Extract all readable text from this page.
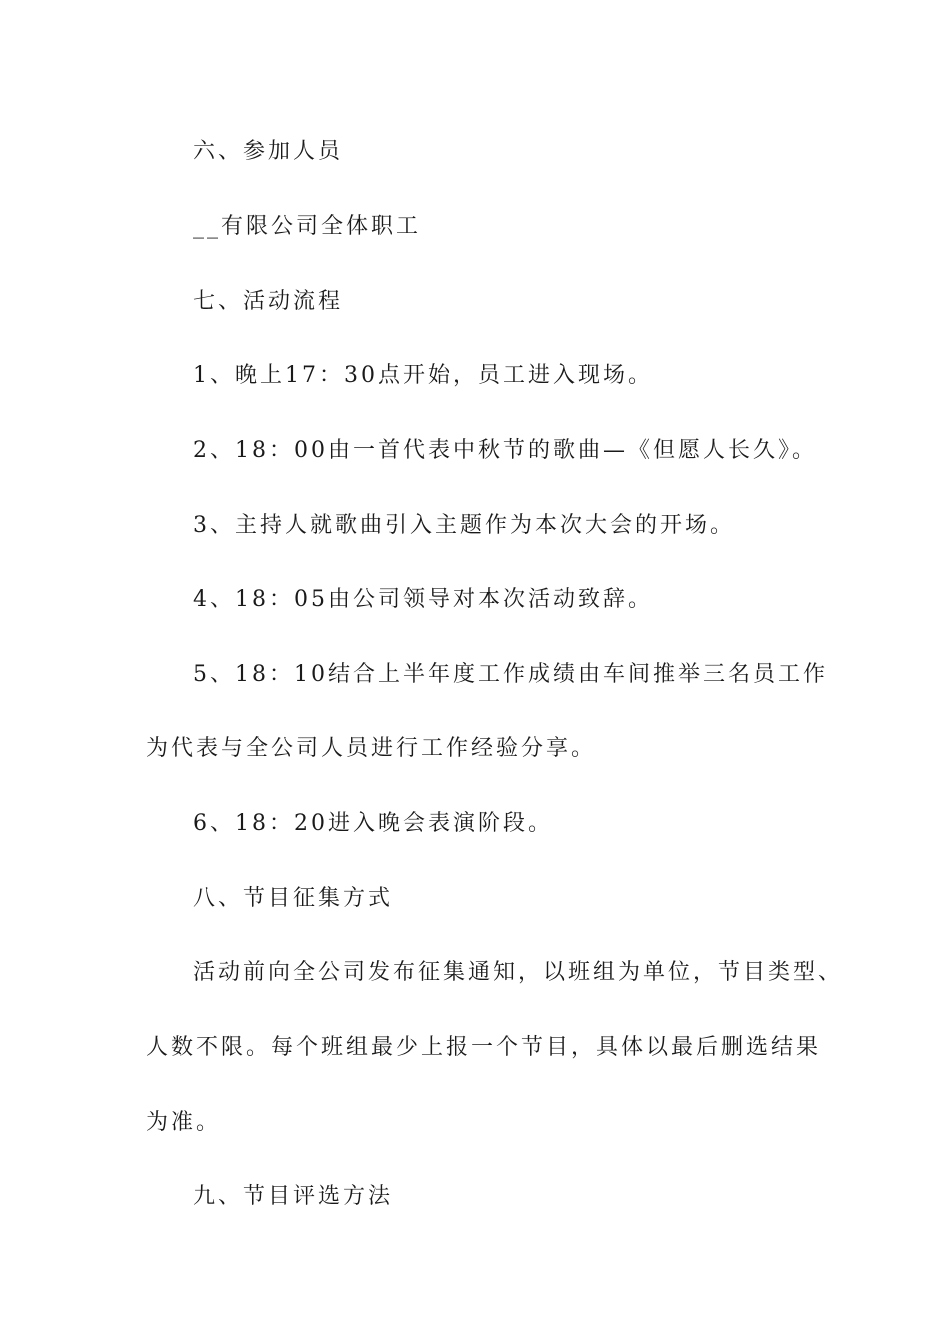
六、参加人员
__有限公司全体职工
七、活动流程
1、晚上17：30点开始，员工进入现场。
2、18：00由一首代表中秋节的歌曲—《但愿人长久》。
3、主持人就歌曲引入主题作为本次大会的开场。
4、18：05由公司领导对本次活动致辞。
5、18：10结合上半年度工作成绩由车间推举三名员工作
为代表与全公司人员进行工作经验分享。
6、18：20进入晚会表演阶段。
八、节目征集方式
活动前向全公司发布征集通知，以班组为单位，节目类型、
人数不限。每个班组最少上报一个节目，具体以最后删选结果
为准。
九、节目评选方法
